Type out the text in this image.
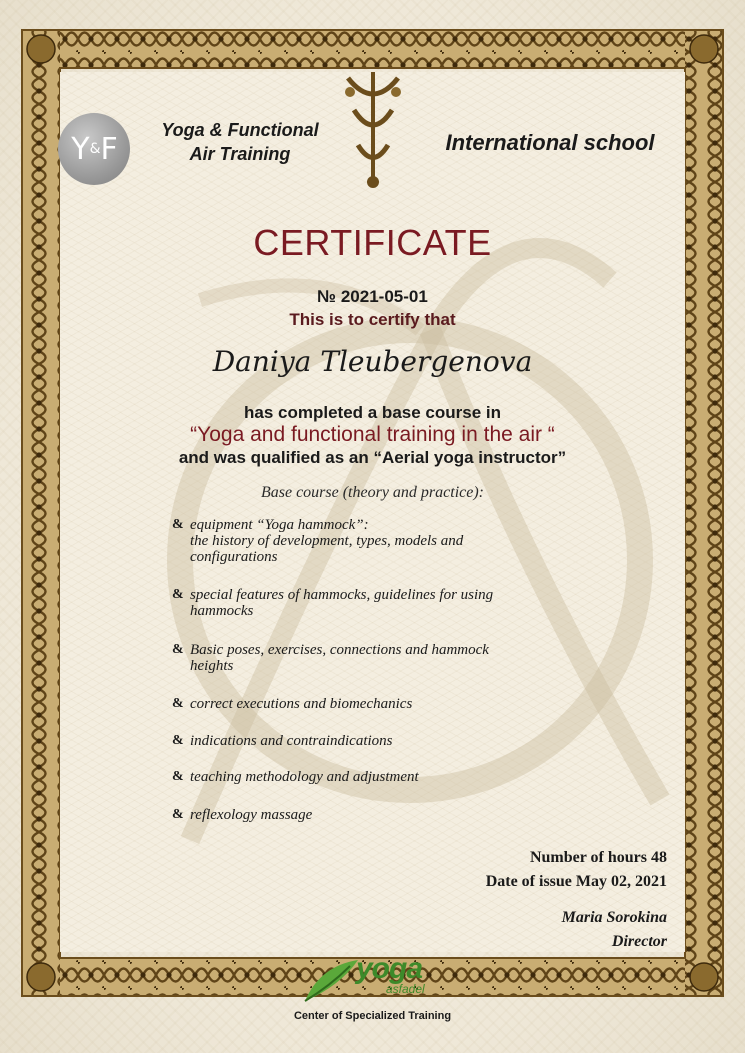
Y & F
Yoga & Functional
Air Training	International school
CERTIFICATE
№ 2021-05-01
This is to certify that
Daniya Tleubergenova
has completed a base course in
“Yoga and functional training in the air “
and was qualified as an “Aerial yoga instructor”
Base course (theory and practice):
& equipment “Yoga hammock”:
the history of development, types, models and
configurations
& special features of hammocks, guidelines for using
hammocks
& Basic poses, exercises, connections and hammock
heights
& correct executions and biomechanics
& indications and contraindications
& teaching methodology and adjustment
& reflexology massage
Number of hours 48
Date of issue May 02, 2021
Maria Sorokina
Director
yoga
asfadel
Center of Specialized Training
